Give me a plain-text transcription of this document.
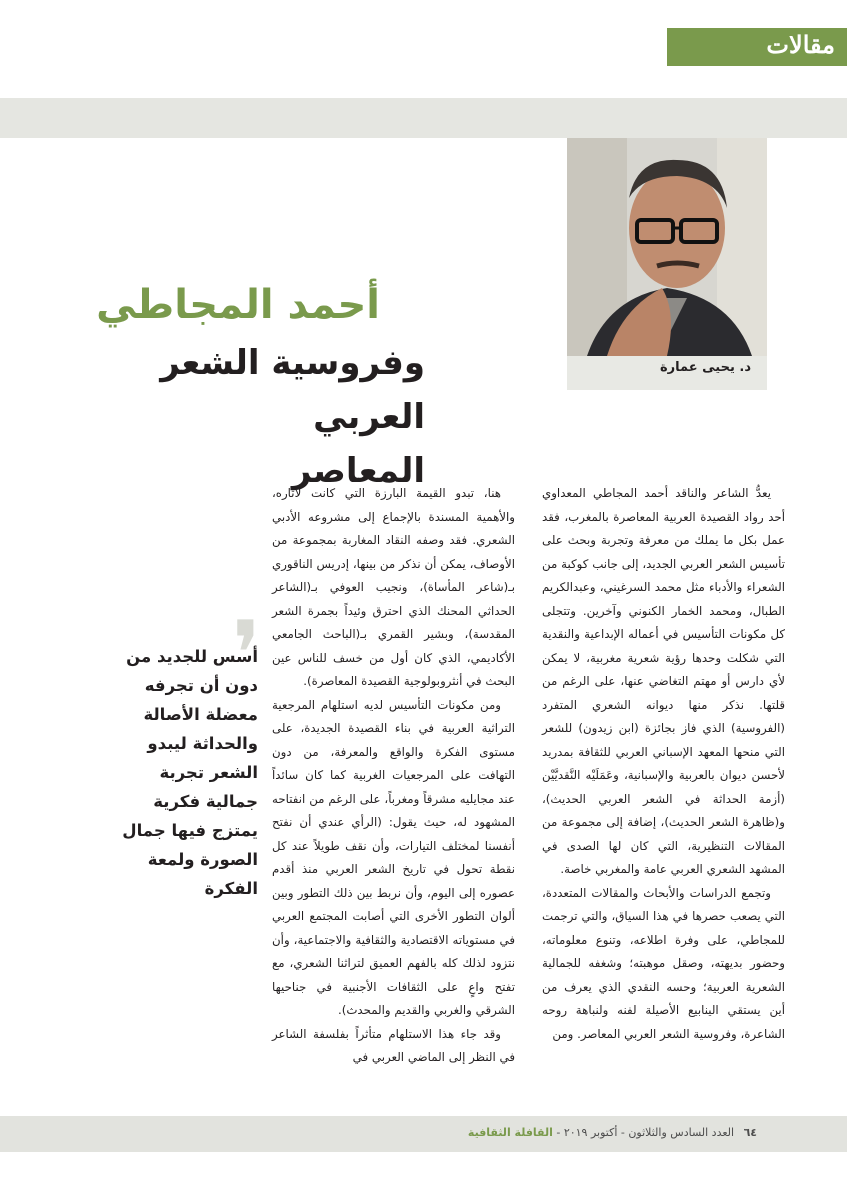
مقالات
د. يحيى عمارة
أحمد المجاطي
وفروسية الشعر العربي
المعاصر
❜
أسس للجديد من دون أن تجرفه معضلة الأصالة والحداثة ليبدو الشعر تجربة جمالية فكرية يمتزج فيها جمال الصورة ولمعة الفكرة

يعدُّ الشاعر والناقد أحمد المجاطي المعداوي أحد رواد القصيدة العربية المعاصرة بالمغرب، فقد عمل بكل ما يملك من معرفة وتجربة وبحث على تأسيس الشعر العربي الجديد، إلى جانب كوكبة من الشعراء والأدباء مثل محمد السرغيني، وعبدالكريم الطبال، ومحمد الخمار الكنوني وآخرين. وتتجلى كل مكونات التأسيس في أعماله الإبداعية والنقدية التي شكلت وحدها رؤية شعرية مغربية، لا يمكن لأي دارس أو مهتم التغاضي عنها، على الرغم من قلتها. نذكر منها ديوانه الشعري المتفرد (الفروسية) الذي فاز بجائزة (ابن زيدون) للشعر التي منحها المعهد الإسباني العربي للثقافة بمدريد لأحسن ديوان بالعربية والإسبانية، وعَمَلَيْه النَّقديَّيْن (أزمة الحداثة في الشعر العربي الحديث)، و(ظاهرة الشعر الحديث)، إضافة إلى مجموعة من المقالات التنظيرية، التي كان لها الصدى في المشهد الشعري العربي عامة والمغربي خاصة.

وتجمع الدراسات والأبحاث والمقالات المتعددة، التي يصعب حصرها في هذا السياق، والتي ترجمت للمجاطي، على وفرة اطلاعه، وتنوع معلوماته، وحضور بديهته، وصقل موهبته؛ وشغفه للجمالية الشعرية العربية؛ وحسه النقدي الذي يعرف من أين يستقي الينابيع الأصيلة لفنه ولنباهة روحه الشاعرة، وفروسية الشعر العربي المعاصر. ومن

هنا، تبدو القيمة البارزة التي كانت لآثاره، والأهمية المسندة بالإجماع إلى مشروعه الأدبي الشعري. فقد وصفه النقاد المغاربة بمجموعة من الأوصاف، يمكن أن نذكر من بينها، إدريس الناقوري بـ(شاعر المأساة)، ونجيب العوفي بـ(الشاعر الحداثي المحنك الذي احترق وئيداً بجمرة الشعر المقدسة)، وبشير القمري بـ(الباحث الجامعي الأكاديمي، الذي كان أول من خسف للناس عين البحث في أنثروبولوجية القصيدة المعاصرة).

ومن مكونات التأسيس لديه استلهام المرجعية التراثية العربية في بناء القصيدة الجديدة، على مستوى الفكرة والواقع والمعرفة، من دون التهافت على المرجعيات الغربية كما كان سائداً عند مجايليه مشرقاً ومغرباً، على الرغم من انفتاحه المشهود له، حيث يقول: (الرأي عندي أن نفتح أنفسنا لمختلف التيارات، وأن نقف طويلاً عند كل نقطة تحول في تاريخ الشعر العربي منذ أقدم عصوره إلى اليوم، وأن نربط بين ذلك التطور وبين ألوان التطور الأخرى التي أصابت المجتمع العربي في مستوياته الاقتصادية والثقافية والاجتماعية، وأن نتزود لذلك كله بالفهم العميق لتراثنا الشعري، مع تفتح واعٍ على الثقافات الأجنبية في جناحيها الشرقي والغربي والقديم والمحدث).

وقد جاء هذا الاستلهام متأثراً بفلسفة الشاعر في النظر إلى الماضي العربي في

٦٤ العدد السادس والثلاثون - أكتوبر ٢٠١٩ - القافلة الثقافية
